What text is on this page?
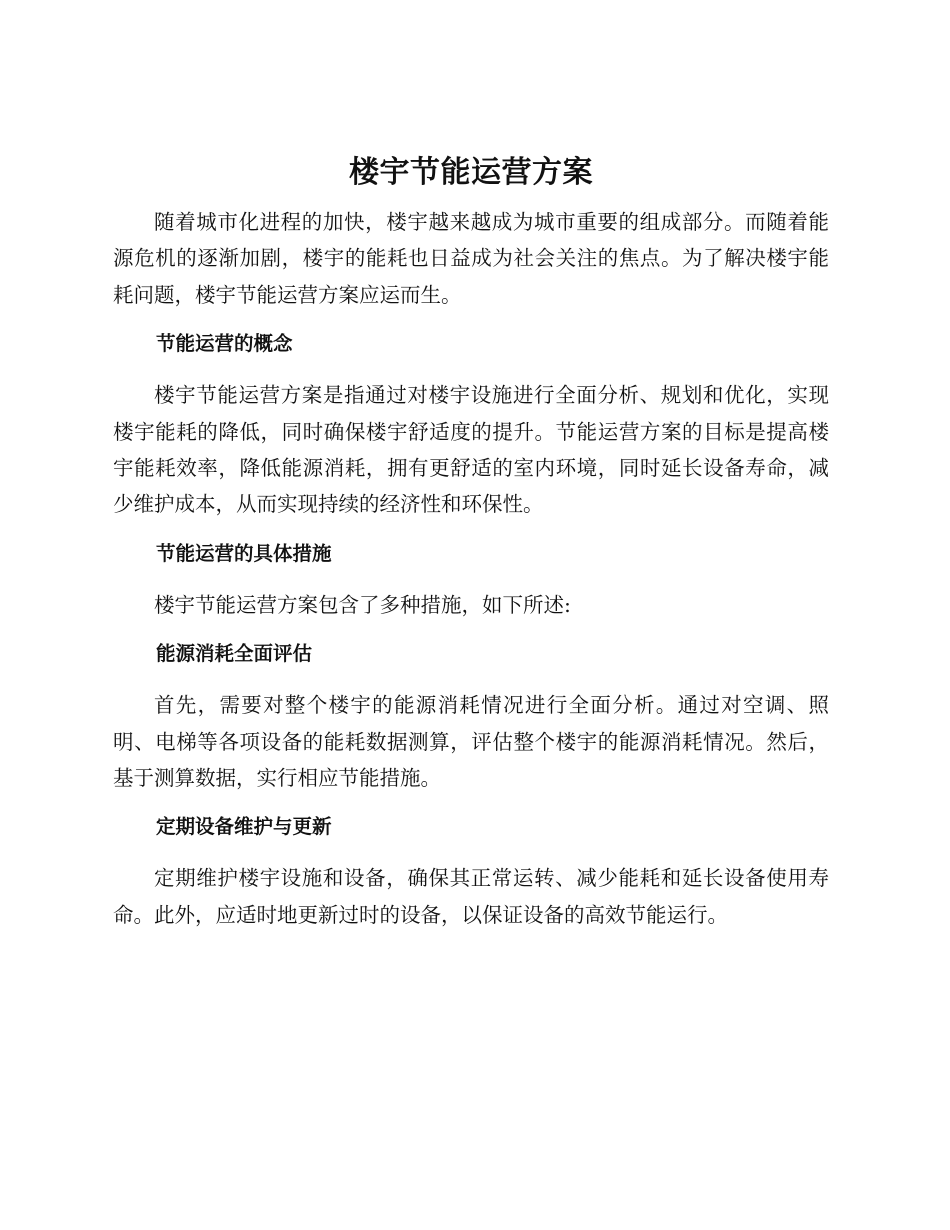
楼宇节能运营方案

随着城市化进程的加快，楼宇越来越成为城市重要的组成部分。而随着能源危机的逐渐加剧，楼宇的能耗也日益成为社会关注的焦点。为了解决楼宇能耗问题，楼宇节能运营方案应运而生。

节能运营的概念

楼宇节能运营方案是指通过对楼宇设施进行全面分析、规划和优化，实现楼宇能耗的降低，同时确保楼宇舒适度的提升。节能运营方案的目标是提高楼宇能耗效率，降低能源消耗，拥有更舒适的室内环境，同时延长设备寿命，减少维护成本，从而实现持续的经济性和环保性。

节能运营的具体措施

楼宇节能运营方案包含了多种措施，如下所述:

能源消耗全面评估

首先，需要对整个楼宇的能源消耗情况进行全面分析。通过对空调、照明、电梯等各项设备的能耗数据测算，评估整个楼宇的能源消耗情况。然后，基于测算数据，实行相应节能措施。

定期设备维护与更新

定期维护楼宇设施和设备，确保其正常运转、减少能耗和延长设备使用寿命。此外，应适时地更新过时的设备，以保证设备的高效节能运行。
